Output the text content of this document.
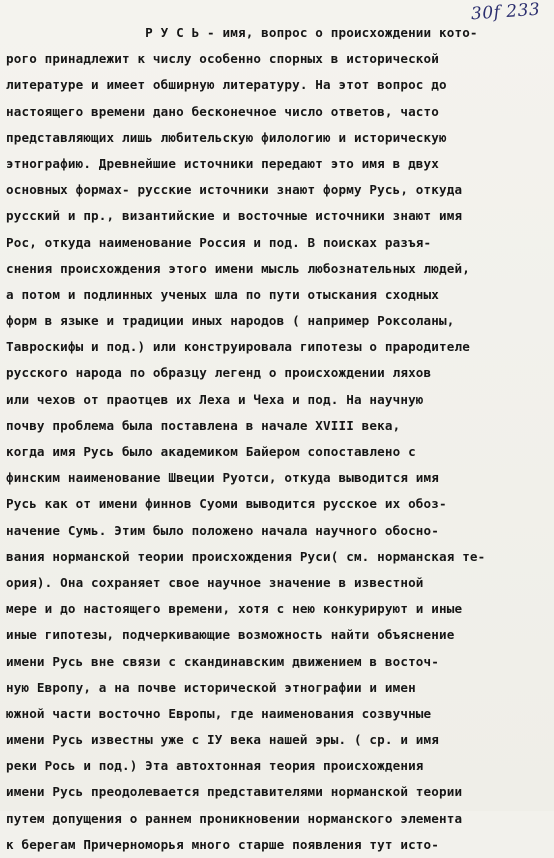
30f 233
Р У С Ь - имя, вопрос о происхождении кото-
рого принадлежит к числу особенно спорных в исторической
литературе и имеет обширную литературу. На этот вопрос до
настоящего времени дано бесконечное число ответов, часто
представляющих лишь любительскую филологию и историческую
этнографию. Древнейшие источники передают это имя в двух
основных формах- русские источники знают форму Русь, откуда
русский и пр., византийские и восточные источники знают имя
Рос, откуда наименование Россия и под. В поисках разъя-
снения происхождения этого имени мысль любознательных людей,
а потом и подлинных ученых шла по пути отыскания сходных
форм в языке и традиции иных народов ( например Роксоланы,
Тавроскифы и под.) или конструировала гипотезы о прародителе
русского народа по образцу легенд о происхождении ляхов
или чехов от праотцев их Леха и Чеха и под. На научную
почву проблема была поставлена в начале XVIII века,
когда имя Русь было академиком Байером сопоставлено с
финским наименование Швеции Руотси, откуда выводится имя
Русь как от имени финнов Суоми выводится русское их обоз-
начение Сумь. Этим было положено начала научного обосно-
вания норманской теории происхождения Руси( см. норманская те-
ория). Она сохраняет свое научное значение в известной
мере и до настоящего времени, хотя с нею конкурируют и иные
иные гипотезы, подчеркивающие возможность найти объяснение
имени Русь вне связи с скандинавским движением в восточ-
ную Европу, а на почве исторической этнографии и имен
южной части восточно Европы, где наименования созвучные
имени Русь известны уже с IУ века нашей эры. ( ср. и имя
реки Рось и под.) Эта автохтонная теория происхождения
имени Русь преодолевается представителями норманской теории
путем допущения о раннем проникновении норманского элемента
к берегам Причерноморья много старше появления тут исто-
